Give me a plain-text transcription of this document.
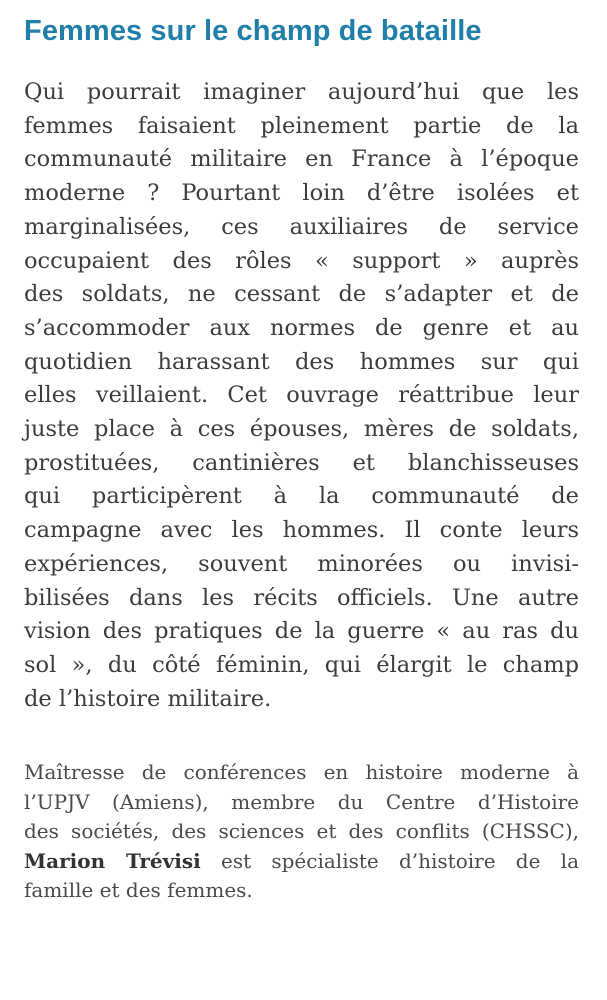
Femmes sur le champ de bataille
Qui pourrait imaginer aujourd’hui que les
femmes faisaient pleinement partie de la
communauté militaire en France à l’époque
moderne ? Pourtant loin d’être isolées et
marginalisées, ces auxiliaires de service
occupaient des rôles « support » auprès
des soldats, ne cessant de s’adapter et de
s’accommoder aux normes de genre et au
quotidien harassant des hommes sur qui
elles veillaient. Cet ouvrage réattribue leur
juste place à ces épouses, mères de soldats,
prostituées, cantinières et blanchisseuses
qui participèrent à la communauté de
campagne avec les hommes. Il conte leurs
expériences, souvent minorées ou invisi-
bilisées dans les récits officiels. Une autre
vision des pratiques de la guerre « au ras du
sol », du côté féminin, qui élargit le champ
de l’histoire militaire.
Maîtresse de conférences en histoire moderne à
l’UPJV (Amiens), membre du Centre d’Histoire
des sociétés, des sciences et des conflits (CHSSC),
Marion Trévisi est spécialiste d’histoire de la
famille et des femmes.
